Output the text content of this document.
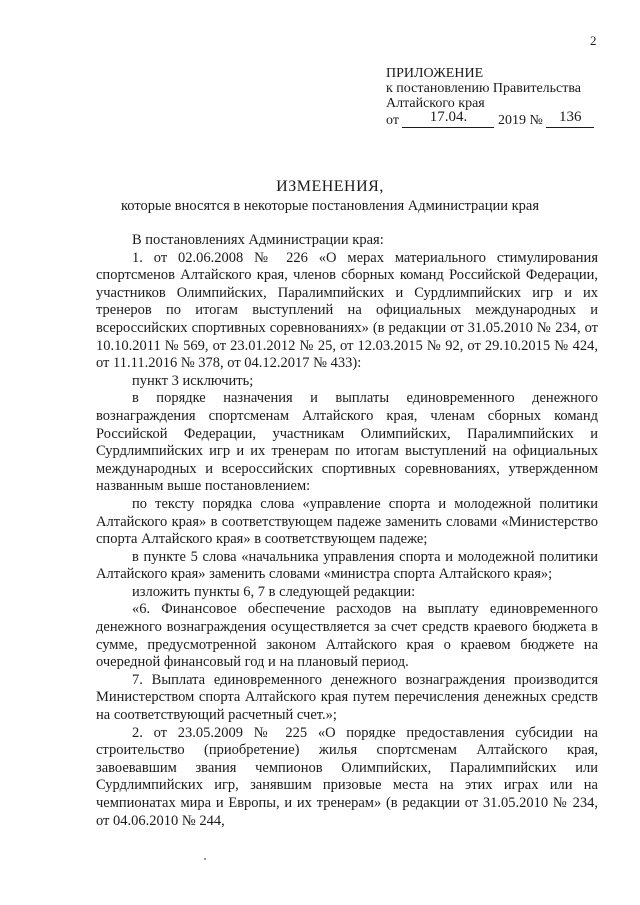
2
ПРИЛОЖЕНИЕ
к постановлению Правительства
Алтайского края
от	17.04.	2019 №	136
ИЗМЕНЕНИЯ,
которые вносятся в некоторые постановления Администрации края

В постановлениях Администрации края:

1. от 02.06.2008 № 226 «О мерах материального стимулирования спортсменов Алтайского края, членов сборных команд Российской Федерации, участников Олимпийских, Паралимпийских и Сурдлимпийских игр и их тренеров по итогам выступлений на официальных международных и всероссийских спортивных соревнованиях» (в редакции от 31.05.2010 № 234, от 10.10.2011 № 569, от 23.01.2012 № 25, от 12.03.2015 № 92, от 29.10.2015 № 424, от 11.11.2016 № 378, от 04.12.2017 № 433):

пункт 3 исключить;

в порядке назначения и выплаты единовременного денежного вознаграждения спортсменам Алтайского края, членам сборных команд Российской Федерации, участникам Олимпийских, Паралимпийских и Сурдлимпийских игр и их тренерам по итогам выступлений на официальных международных и всероссийских спортивных соревнованиях, утвержденном названным выше постановлением:

по тексту порядка слова «управление спорта и молодежной политики Алтайского края» в соответствующем падеже заменить словами «Министерство спорта Алтайского края» в соответствующем падеже;

в пункте 5 слова «начальника управления спорта и молодежной политики Алтайского края» заменить словами «министра спорта Алтайского края»;

изложить пункты 6, 7 в следующей редакции:

«6. Финансовое обеспечение расходов на выплату единовременного денежного вознаграждения осуществляется за счет средств краевого бюджета в сумме, предусмотренной законом Алтайского края о краевом бюджете на очередной финансовый год и на плановый период.

7. Выплата единовременного денежного вознаграждения производится Министерством спорта Алтайского края путем перечисления денежных средств на соответствующий расчетный счет.»;

2. от 23.05.2009 № 225 «О порядке предоставления субсидии на строительство (приобретение) жилья спортсменам Алтайского края, завоевавшим звания чемпионов Олимпийских, Паралимпийских или Сурдлимпийских игр, занявшим призовые места на этих играх или на чемпионатах мира и Европы, и их тренерам» (в редакции от 31.05.2010 № 234, от 04.06.2010 № 244,
